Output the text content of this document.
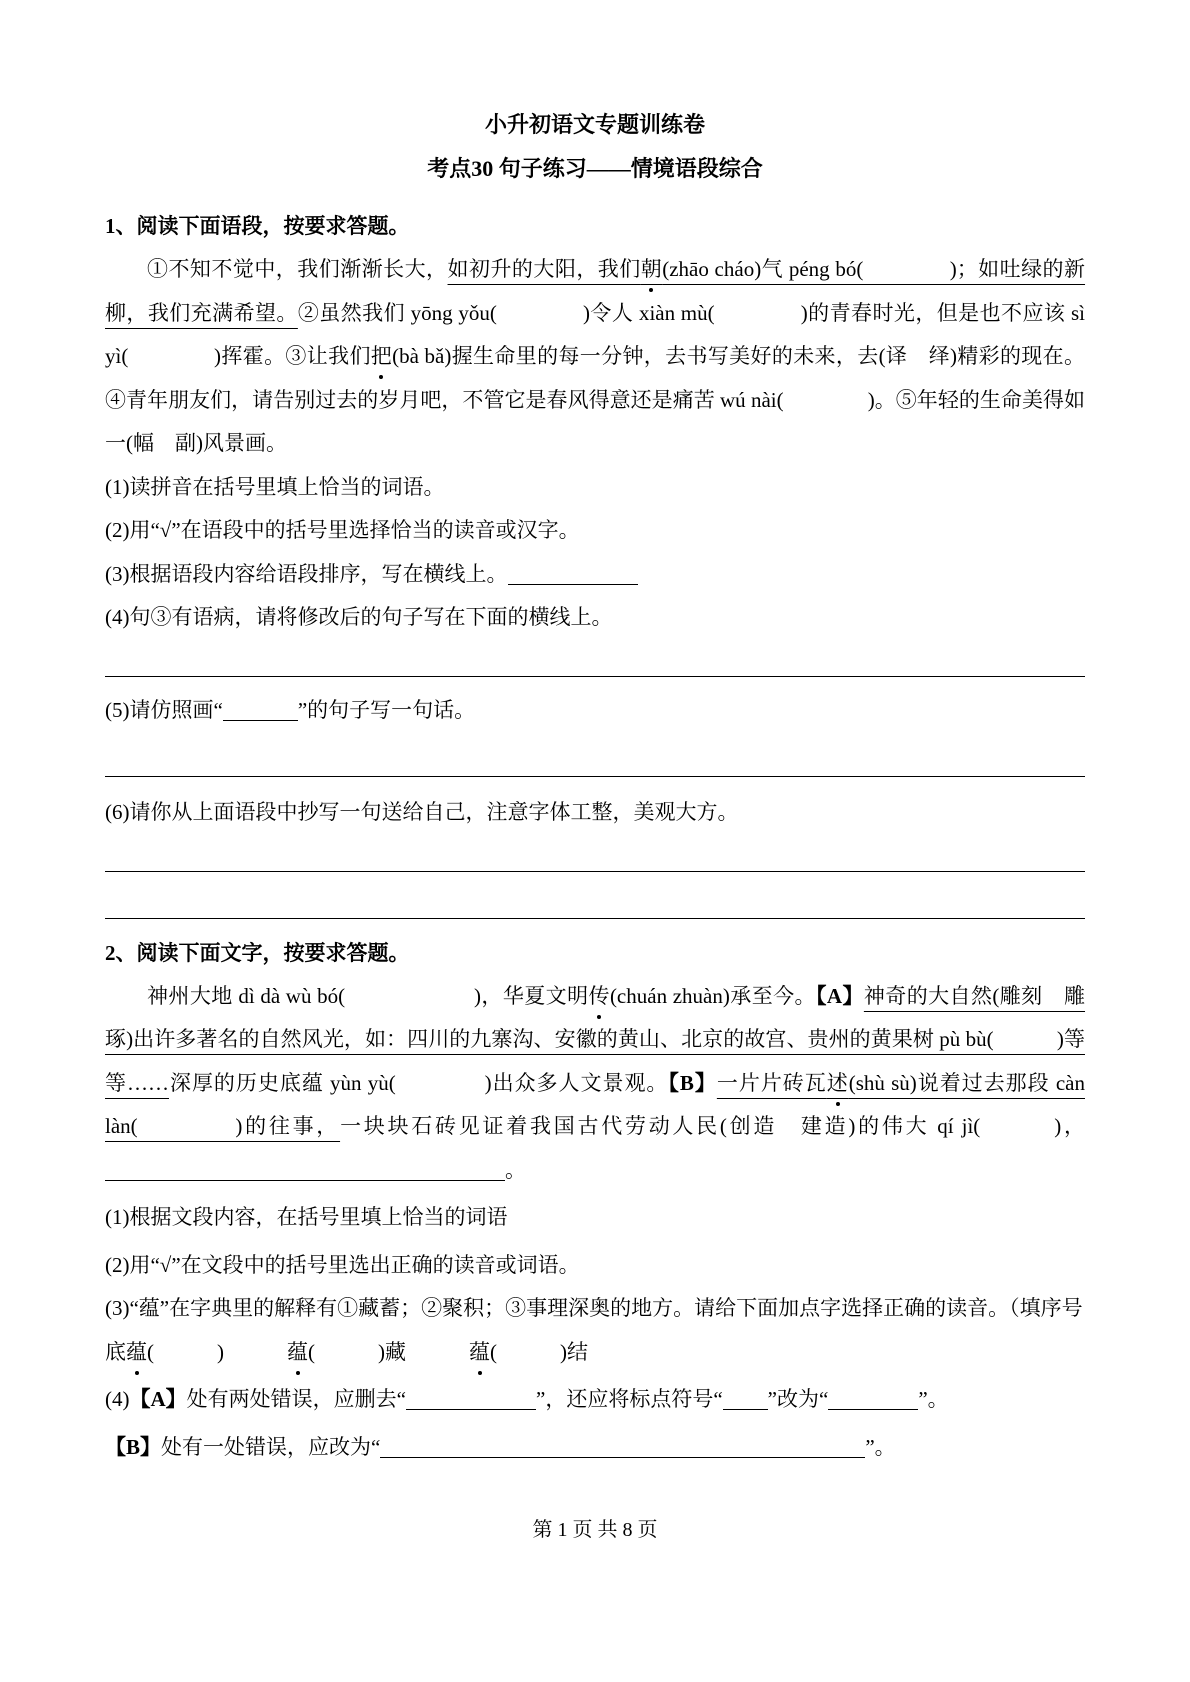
小升初语文专题训练卷
考点30 句子练习——情境语段综合

1、阅读下面语段，按要求答题。

①不知不觉中，我们渐渐长大，如初升的大阳，我们朝(zhāo cháo)气 péng bó(　　　　)；如吐绿的新柳，我们充满希望。②虽然我们 yōng yǒu(　　　　)令人 xiàn mù(　　　　)的青春时光，但是也不应该 sì yì(　　　　)挥霍。③让我们把(bà bǎ)握生命里的每一分钟，去书写美好的未来，去(译　绎)精彩的现在。④青年朋友们，请告别过去的岁月吧，不管它是春风得意还是痛苦 wú nài(　　　　)。⑤年轻的生命美得如一(幅　副)风景画。

(1)读拼音在括号里填上恰当的词语。

(2)用“√”在语段中的括号里选择恰当的读音或汉字。

(3)根据语段内容给语段排序，写在横线上。

(4)句③有语病，请将修改后的句子写在下面的横线上。

(5)请仿照画“	”的句子写一句话。

(6)请你从上面语段中抄写一句送给自己，注意字体工整，美观大方。

2、阅读下面文字，按要求答题。

神州大地 dì dà wù bó(　　　　　　)，华夏文明传(chuán zhuàn)承至今。【A】神奇的大自然(雕刻　雕琢)出许多著名的自然风光，如：四川的九寨沟、安徽的黄山、北京的故宫、贵州的黄果树 pù bù(　　　)等等……深厚的历史底蕴 yùn yù(　　　　)出众多人文景观。【B】一片片砖瓦述(shù sù)说着过去那段 càn làn(　　　　)的往事，一块块石砖见证着我国古代劳动人民(创造　建造)的伟大 qí jì(　　　)，。

(1)根据文段内容，在括号里填上恰当的词语

(2)用“√”在文段中的括号里选出正确的读音或词语。

(3)“蕴”在字典里的解释有①藏蓄；②聚积；③事理深奥的地方。请给下面加点字选择正确的读音。（填序号

底蕴(　　　)　　　蕴(　　　)藏　　　蕴(　　　)结

(4)【A】处有两处错误，应删去“	”，还应将标点符号“ ”改为“	”。

【B】处有一处错误，应改为“	”。

第 1 页 共 8 页
